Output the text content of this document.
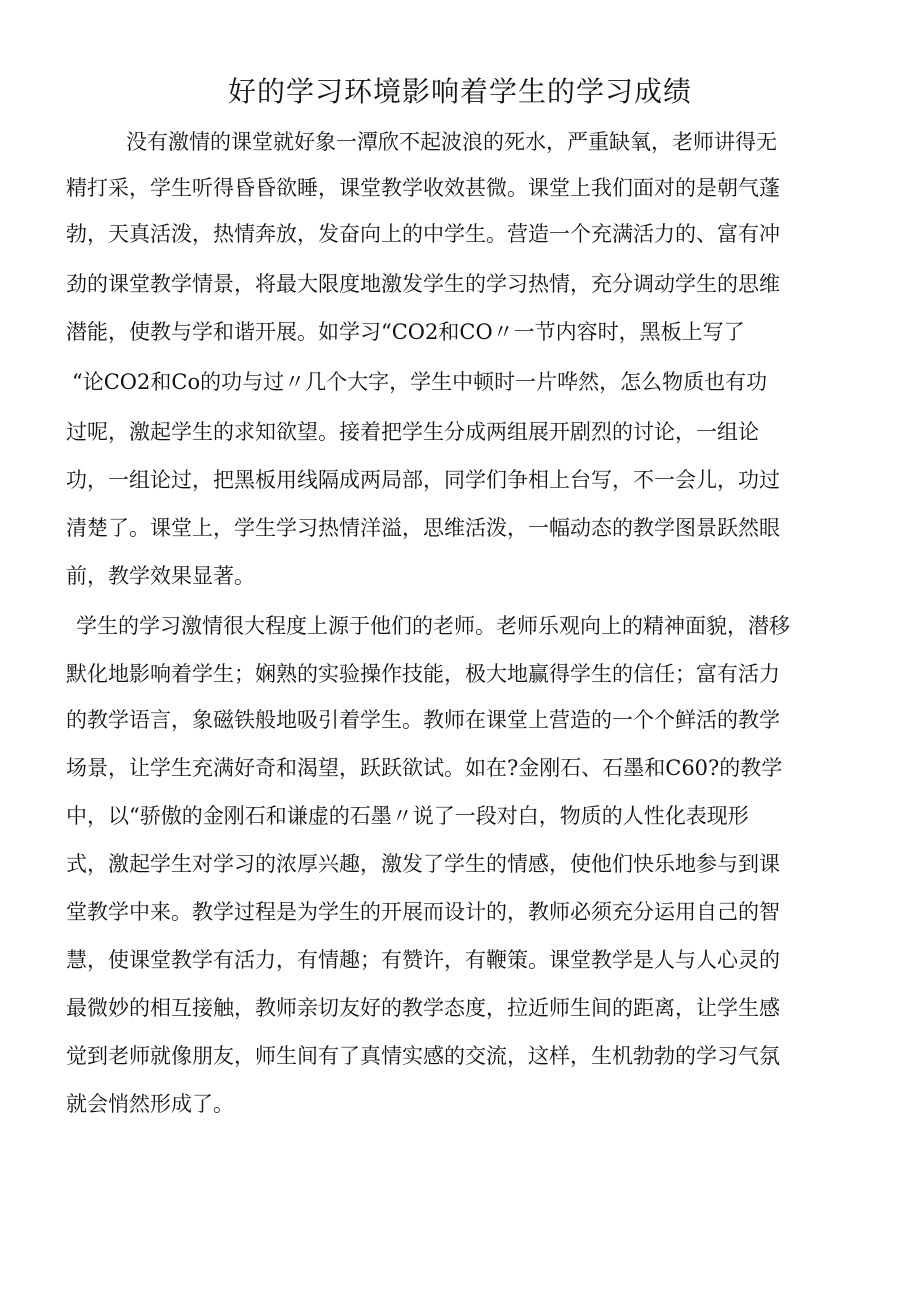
好的学习环境影响着学生的学习成绩

没有激情的课堂就好象一潭欣不起波浪的死水，严重缺氧，老师讲得无

精打采，学生听得昏昏欲睡，课堂教学收效甚微。课堂上我们面对的是朝气蓬

勃，天真活泼，热情奔放，发奋向上的中学生。营造一个充满活力的、富有冲

劲的课堂教学情景，将最大限度地激发学生的学习热情，充分调动学生的思维

潜能，使教与学和谐开展。如学习“CO2和CO〃一节内容时，黑板上写了

“论CO2和Co的功与过〃几个大字，学生中顿时一片哗然，怎么物质也有功

过呢，激起学生的求知欲望。接着把学生分成两组展开剧烈的讨论，一组论

功，一组论过，把黑板用线隔成两局部，同学们争相上台写，不一会儿，功过

清楚了。课堂上，学生学习热情洋溢，思维活泼，一幅动态的教学图景跃然眼

前，教学效果显著。

学生的学习激情很大程度上源于他们的老师。老师乐观向上的精神面貌，潜移

默化地影响着学生；娴熟的实验操作技能，极大地赢得学生的信任；富有活力

的教学语言，象磁铁般地吸引着学生。教师在课堂上营造的一个个鲜活的教学

场景，让学生充满好奇和渴望，跃跃欲试。如在?金刚石、石墨和C60?的教学

中，以“骄傲的金刚石和谦虚的石墨〃说了一段对白，物质的人性化表现形

式，激起学生对学习的浓厚兴趣，激发了学生的情感，使他们快乐地参与到课

堂教学中来。教学过程是为学生的开展而设计的，教师必须充分运用自己的智

慧，使课堂教学有活力，有情趣；有赞许，有鞭策。课堂教学是人与人心灵的

最微妙的相互接触，教师亲切友好的教学态度，拉近师生间的距离，让学生感

觉到老师就像朋友，师生间有了真情实感的交流，这样，生机勃勃的学习气氛

就会悄然形成了。
